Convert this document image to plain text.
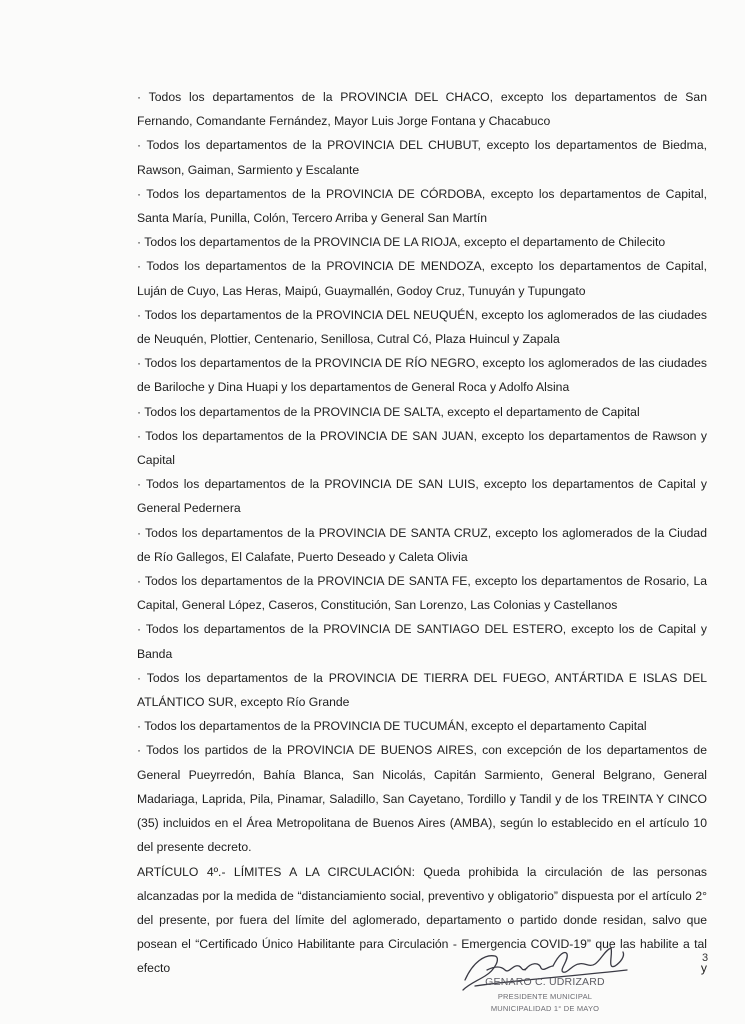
· Todos los departamentos de la PROVINCIA DEL CHACO, excepto los departamentos de San Fernando, Comandante Fernández, Mayor Luis Jorge Fontana y Chacabuco

· Todos los departamentos de la PROVINCIA DEL CHUBUT, excepto los departamentos de Biedma, Rawson, Gaiman, Sarmiento y Escalante

· Todos los departamentos de la PROVINCIA DE CÓRDOBA, excepto los departamentos de Capital, Santa María, Punilla, Colón, Tercero Arriba y General San Martín

· Todos los departamentos de la PROVINCIA DE LA RIOJA, excepto el departamento de Chilecito

· Todos los departamentos de la PROVINCIA DE MENDOZA, excepto los departamentos de Capital, Luján de Cuyo, Las Heras, Maipú, Guaymallén, Godoy Cruz, Tunuyán y Tupungato

· Todos los departamentos de la PROVINCIA DEL NEUQUÉN, excepto los aglomerados de las ciudades de Neuquén, Plottier, Centenario, Senillosa, Cutral Có, Plaza Huincul y Zapala

· Todos los departamentos de la PROVINCIA DE RÍO NEGRO, excepto los aglomerados de las ciudades de Bariloche y Dina Huapi y los departamentos de General Roca y Adolfo Alsina

· Todos los departamentos de la PROVINCIA DE SALTA, excepto el departamento de Capital

· Todos los departamentos de la PROVINCIA DE SAN JUAN, excepto los departamentos de Rawson y Capital

· Todos los departamentos de la PROVINCIA DE SAN LUIS, excepto los departamentos de Capital y General Pedernera

· Todos los departamentos de la PROVINCIA DE SANTA CRUZ, excepto los aglomerados de la Ciudad de Río Gallegos, El Calafate, Puerto Deseado y Caleta Olivia

· Todos los departamentos de la PROVINCIA DE SANTA FE, excepto los departamentos de Rosario, La Capital, General López, Caseros, Constitución, San Lorenzo, Las Colonias y Castellanos

· Todos los departamentos de la PROVINCIA DE SANTIAGO DEL ESTERO, excepto los de Capital y Banda

· Todos los departamentos de la PROVINCIA DE TIERRA DEL FUEGO, ANTÁRTIDA E ISLAS DEL ATLÁNTICO SUR, excepto Río Grande

· Todos los departamentos de la PROVINCIA DE TUCUMÁN, excepto el departamento Capital

· Todos los partidos de la PROVINCIA DE BUENOS AIRES, con excepción de los departamentos de General Pueyrredón, Bahía Blanca, San Nicolás, Capitán Sarmiento, General Belgrano, General Madariaga, Laprida, Pila, Pinamar, Saladillo, San Cayetano, Tordillo y Tandil y de los TREINTA Y CINCO (35) incluidos en el Área Metropolitana de Buenos Aires (AMBA), según lo establecido en el artículo 10 del presente decreto.

ARTÍCULO 4º.- LÍMITES A LA CIRCULACIÓN: Queda prohibida la circulación de las personas alcanzadas por la medida de “distanciamiento social, preventivo y obligatorio” dispuesta por el artículo 2° del presente, por fuera del límite del aglomerado, departamento o partido donde residan, salvo que posean el “Certificado Único Habilitante para Circulación - Emergencia COVID-19” que las habilite a tal efecto y

3
GENARO C. UDRIZARD
PRESIDENTE MUNICIPAL
MUNICIPALIDAD 1° DE MAYO
